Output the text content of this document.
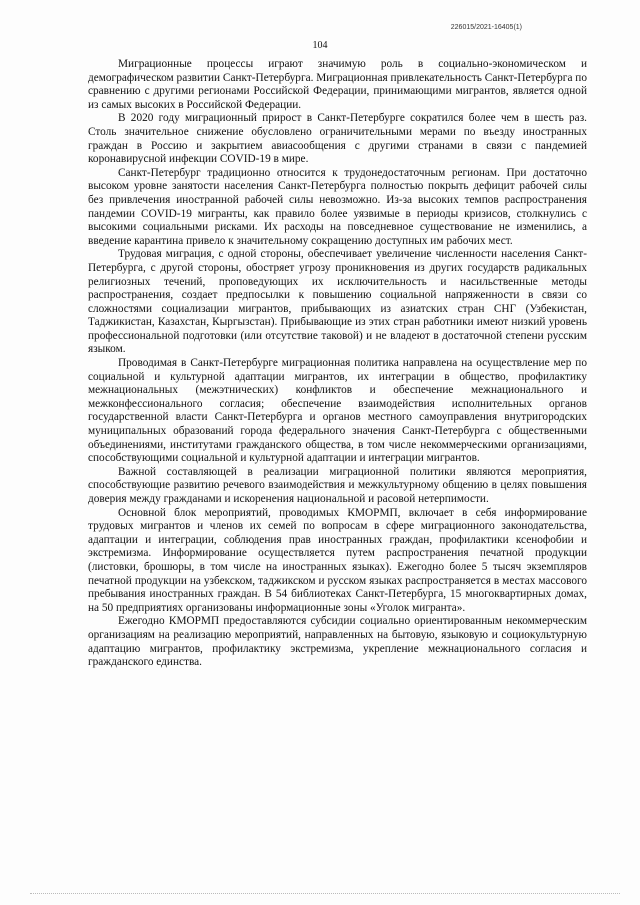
226015/2021-16405(1)
104

Миграционные процессы играют значимую роль в социально-экономическом и демографическом развитии Санкт-Петербурга. Миграционная привлекательность Санкт-Петербурга по сравнению с другими регионами Российской Федерации, принимающими мигрантов, является одной из самых высоких в Российской Федерации.

В 2020 году миграционный прирост в Санкт-Петербурге сократился более чем в шесть раз. Столь значительное снижение обусловлено ограничительными мерами по въезду иностранных граждан в Россию и закрытием авиасообщения с другими странами в связи с пандемией коронавирусной инфекции COVID-19 в мире.

Санкт-Петербург традиционно относится к трудонедостаточным регионам. При достаточно высоком уровне занятости населения Санкт-Петербурга полностью покрыть дефицит рабочей силы без привлечения иностранной рабочей силы невозможно. Из-за высоких темпов распространения пандемии COVID-19 мигранты, как правило более уязвимые в периоды кризисов, столкнулись с высокими социальными рисками. Их расходы на повседневное существование не изменились, а введение карантина привело к значительному сокращению доступных им рабочих мест.

Трудовая миграция, с одной стороны, обеспечивает увеличение численности населения Санкт-Петербурга, с другой стороны, обостряет угрозу проникновения из других государств радикальных религиозных течений, проповедующих их исключительность и насильственные методы распространения, создает предпосылки к повышению социальной напряженности в связи со сложностями социализации мигрантов, прибывающих из азиатских стран СНГ (Узбекистан, Таджикистан, Казахстан, Кыргызстан). Прибывающие из этих стран работники имеют низкий уровень профессиональной подготовки (или отсутствие таковой) и не владеют в достаточной степени русским языком.

Проводимая в Санкт-Петербурге миграционная политика направлена на осуществление мер по социальной и культурной адаптации мигрантов, их интеграции в общество, профилактику межнациональных (межэтнических) конфликтов и обеспечение межнационального и межконфессионального согласия; обеспечение взаимодействия исполнительных органов государственной власти Санкт-Петербурга и органов местного самоуправления внутригородских муниципальных образований города федерального значения Санкт-Петербурга с общественными объединениями, институтами гражданского общества, в том числе некоммерческими организациями, способствующими социальной и культурной адаптации и интеграции мигрантов.

Важной составляющей в реализации миграционной политики являются мероприятия, способствующие развитию речевого взаимодействия и межкультурному общению в целях повышения доверия между гражданами и искоренения национальной и расовой нетерпимости.

Основной блок мероприятий, проводимых КМОРМП, включает в себя информирование трудовых мигрантов и членов их семей по вопросам в сфере миграционного законодательства, адаптации и интеграции, соблюдения прав иностранных граждан, профилактики ксенофобии и экстремизма. Информирование осуществляется путем распространения печатной продукции (листовки, брошюры, в том числе на иностранных языках). Ежегодно более 5 тысяч экземпляров печатной продукции на узбекском, таджикском и русском языках распространяется в местах массового пребывания иностранных граждан. В 54 библиотеках Санкт-Петербурга, 15 многоквартирных домах, на 50 предприятиях организованы информационные зоны «Уголок мигранта».

Ежегодно КМОРМП предоставляются субсидии социально ориентированным некоммерческим организациям на реализацию мероприятий, направленных на бытовую, языковую и социокультурную адаптацию мигрантов, профилактику экстремизма, укрепление межнационального согласия и гражданского единства.
